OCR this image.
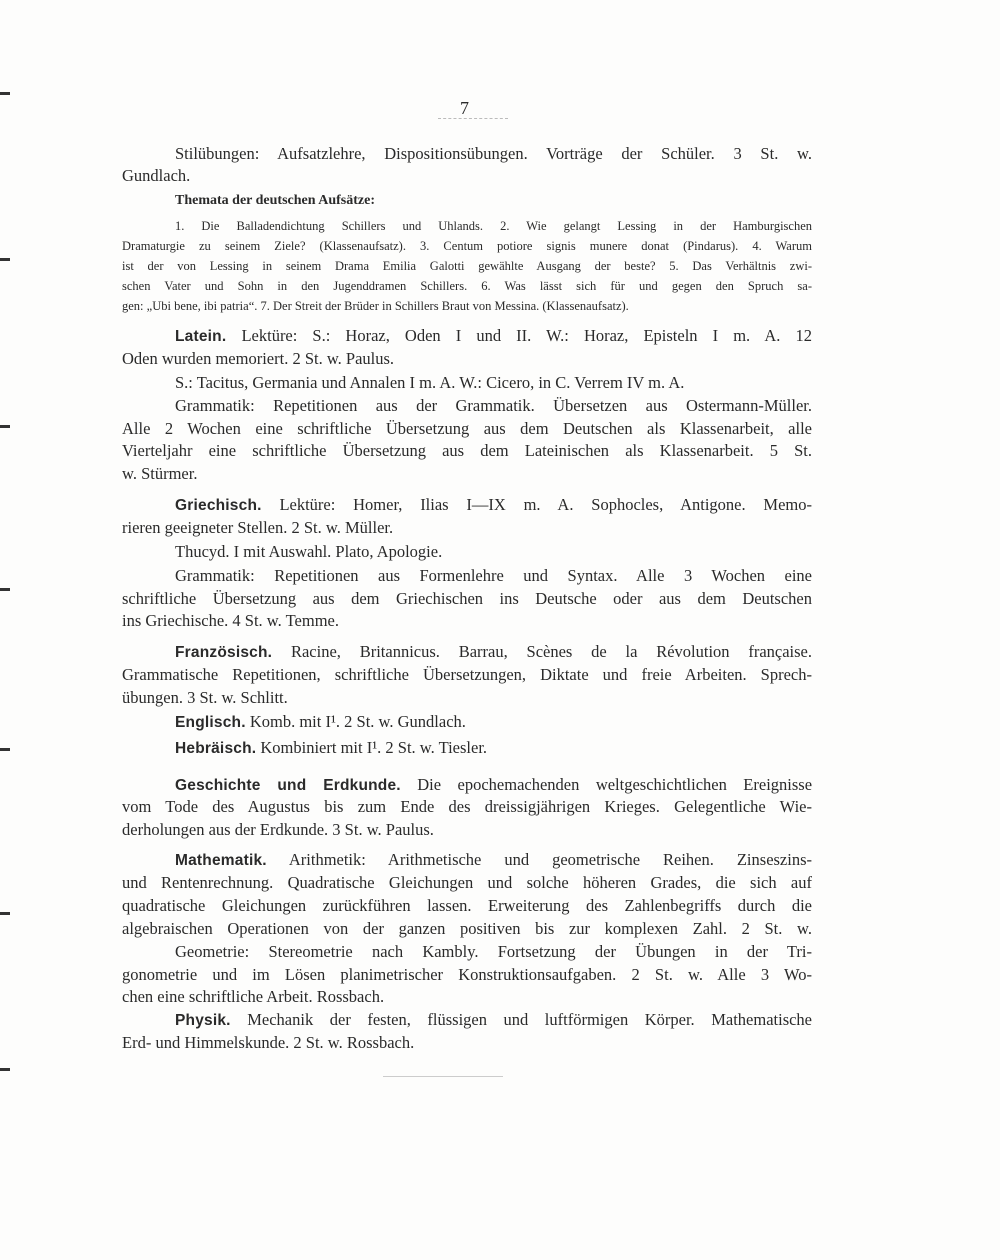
7
Stilübungen: Aufsatzlehre, Dispositionsübungen. Vorträge der Schüler. 3 St. w.
Gundlach.
Themata der deutschen Aufsätze:
1. Die Balladendichtung Schillers und Uhlands. 2. Wie gelangt Lessing in der Hamburgischen
Dramaturgie zu seinem Ziele? (Klassenaufsatz). 3. Centum potiore signis munere donat (Pindarus). 4. Warum
ist der von Lessing in seinem Drama Emilia Galotti gewählte Ausgang der beste? 5. Das Verhältnis zwi-
schen Vater und Sohn in den Jugenddramen Schillers. 6. Was lässt sich für und gegen den Spruch sa-
gen: „Ubi bene, ibi patria“. 7. Der Streit der Brüder in Schillers Braut von Messina. (Klassenaufsatz).
Latein. Lektüre: S.: Horaz, Oden I und II. W.: Horaz, Episteln I m. A. 12
Oden wurden memoriert. 2 St. w. Paulus.
S.: Tacitus, Germania und Annalen I m. A. W.: Cicero, in C. Verrem IV m. A.
Grammatik: Repetitionen aus der Grammatik. Übersetzen aus Ostermann-Müller.
Alle 2 Wochen eine schriftliche Übersetzung aus dem Deutschen als Klassenarbeit, alle
Vierteljahr eine schriftliche Übersetzung aus dem Lateinischen als Klassenarbeit. 5 St.
w. Stürmer.
Griechisch. Lektüre: Homer, Ilias I—IX m. A. Sophocles, Antigone. Memo-
rieren geeigneter Stellen. 2 St. w. Müller.
Thucyd. I mit Auswahl. Plato, Apologie.
Grammatik: Repetitionen aus Formenlehre und Syntax. Alle 3 Wochen eine
schriftliche Übersetzung aus dem Griechischen ins Deutsche oder aus dem Deutschen
ins Griechische. 4 St. w. Temme.
Französisch. Racine, Britannicus. Barrau, Scènes de la Révolution française.
Grammatische Repetitionen, schriftliche Übersetzungen, Diktate und freie Arbeiten. Sprech-
übungen. 3 St. w. Schlitt.
Englisch. Komb. mit I¹. 2 St. w. Gundlach.
Hebräisch. Kombiniert mit I¹. 2 St. w. Tiesler.
Geschichte und Erdkunde. Die epochemachenden weltgeschichtlichen Ereignisse
vom Tode des Augustus bis zum Ende des dreissigjährigen Krieges. Gelegentliche Wie-
derholungen aus der Erdkunde. 3 St. w. Paulus.
Mathematik. Arithmetik: Arithmetische und geometrische Reihen. Zinseszins-
und Rentenrechnung. Quadratische Gleichungen und solche höheren Grades, die sich auf
quadratische Gleichungen zurückführen lassen. Erweiterung des Zahlenbegriffs durch die
algebraischen Operationen von der ganzen positiven bis zur komplexen Zahl. 2 St. w.
Geometrie: Stereometrie nach Kambly. Fortsetzung der Übungen in der Tri-
gonometrie und im Lösen planimetrischer Konstruktionsaufgaben. 2 St. w. Alle 3 Wo-
chen eine schriftliche Arbeit. Rossbach.
Physik. Mechanik der festen, flüssigen und luftförmigen Körper. Mathematische
Erd- und Himmelskunde. 2 St. w. Rossbach.
